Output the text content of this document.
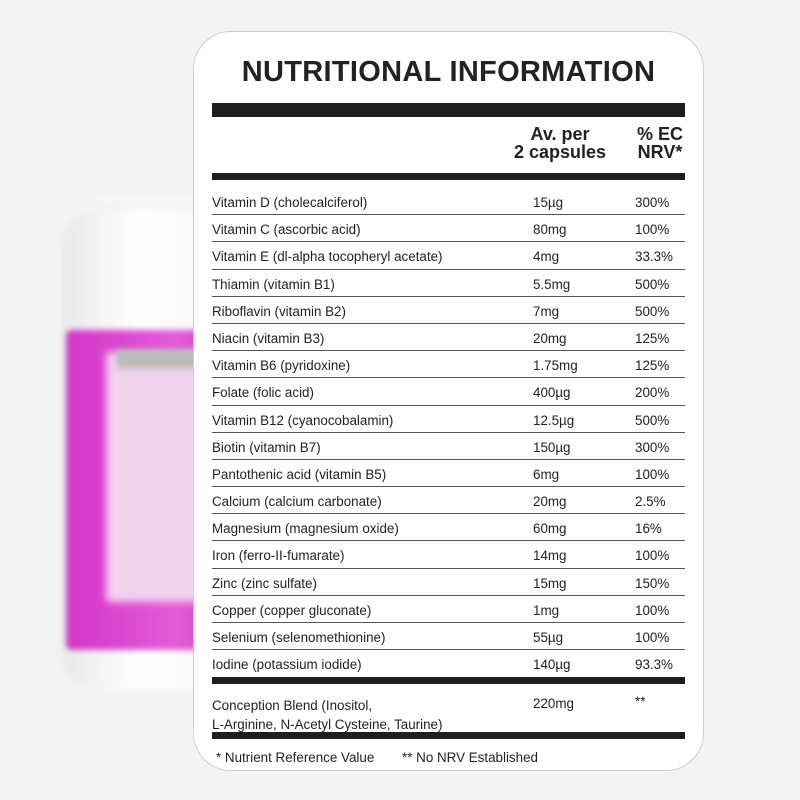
NUTRITIONAL INFORMATION
Av. per
2 capsules
% EC
NRV*
Vitamin D (cholecalciferol)	15µg	300%
Vitamin C (ascorbic acid)	80mg	100%
Vitamin E (dl-alpha tocopheryl acetate)	4mg	33.3%
Thiamin (vitamin B1)	5.5mg	500%
Riboflavin (vitamin B2)	7mg	500%
Niacin (vitamin B3)	20mg	125%
Vitamin B6 (pyridoxine)	1.75mg	125%
Folate (folic acid)	400µg	200%
Vitamin B12 (cyanocobalamin)	12.5µg	500%
Biotin (vitamin B7)	150µg	300%
Pantothenic acid (vitamin B5)	6mg	100%
Calcium (calcium carbonate)	20mg	2.5%
Magnesium (magnesium oxide)	60mg	16%
Iron (ferro-II-fumarate)	14mg	100%
Zinc (zinc sulfate)	15mg	150%
Copper (copper gluconate)	1mg	100%
Selenium (selenomethionine)	55µg	100%
Iodine (potassium iodide)	140µg	93.3%
Conception Blend (Inositol,
L-Arginine, N-Acetyl Cysteine, Taurine)
220mg	**
* Nutrient Reference Value ** No NRV Established
